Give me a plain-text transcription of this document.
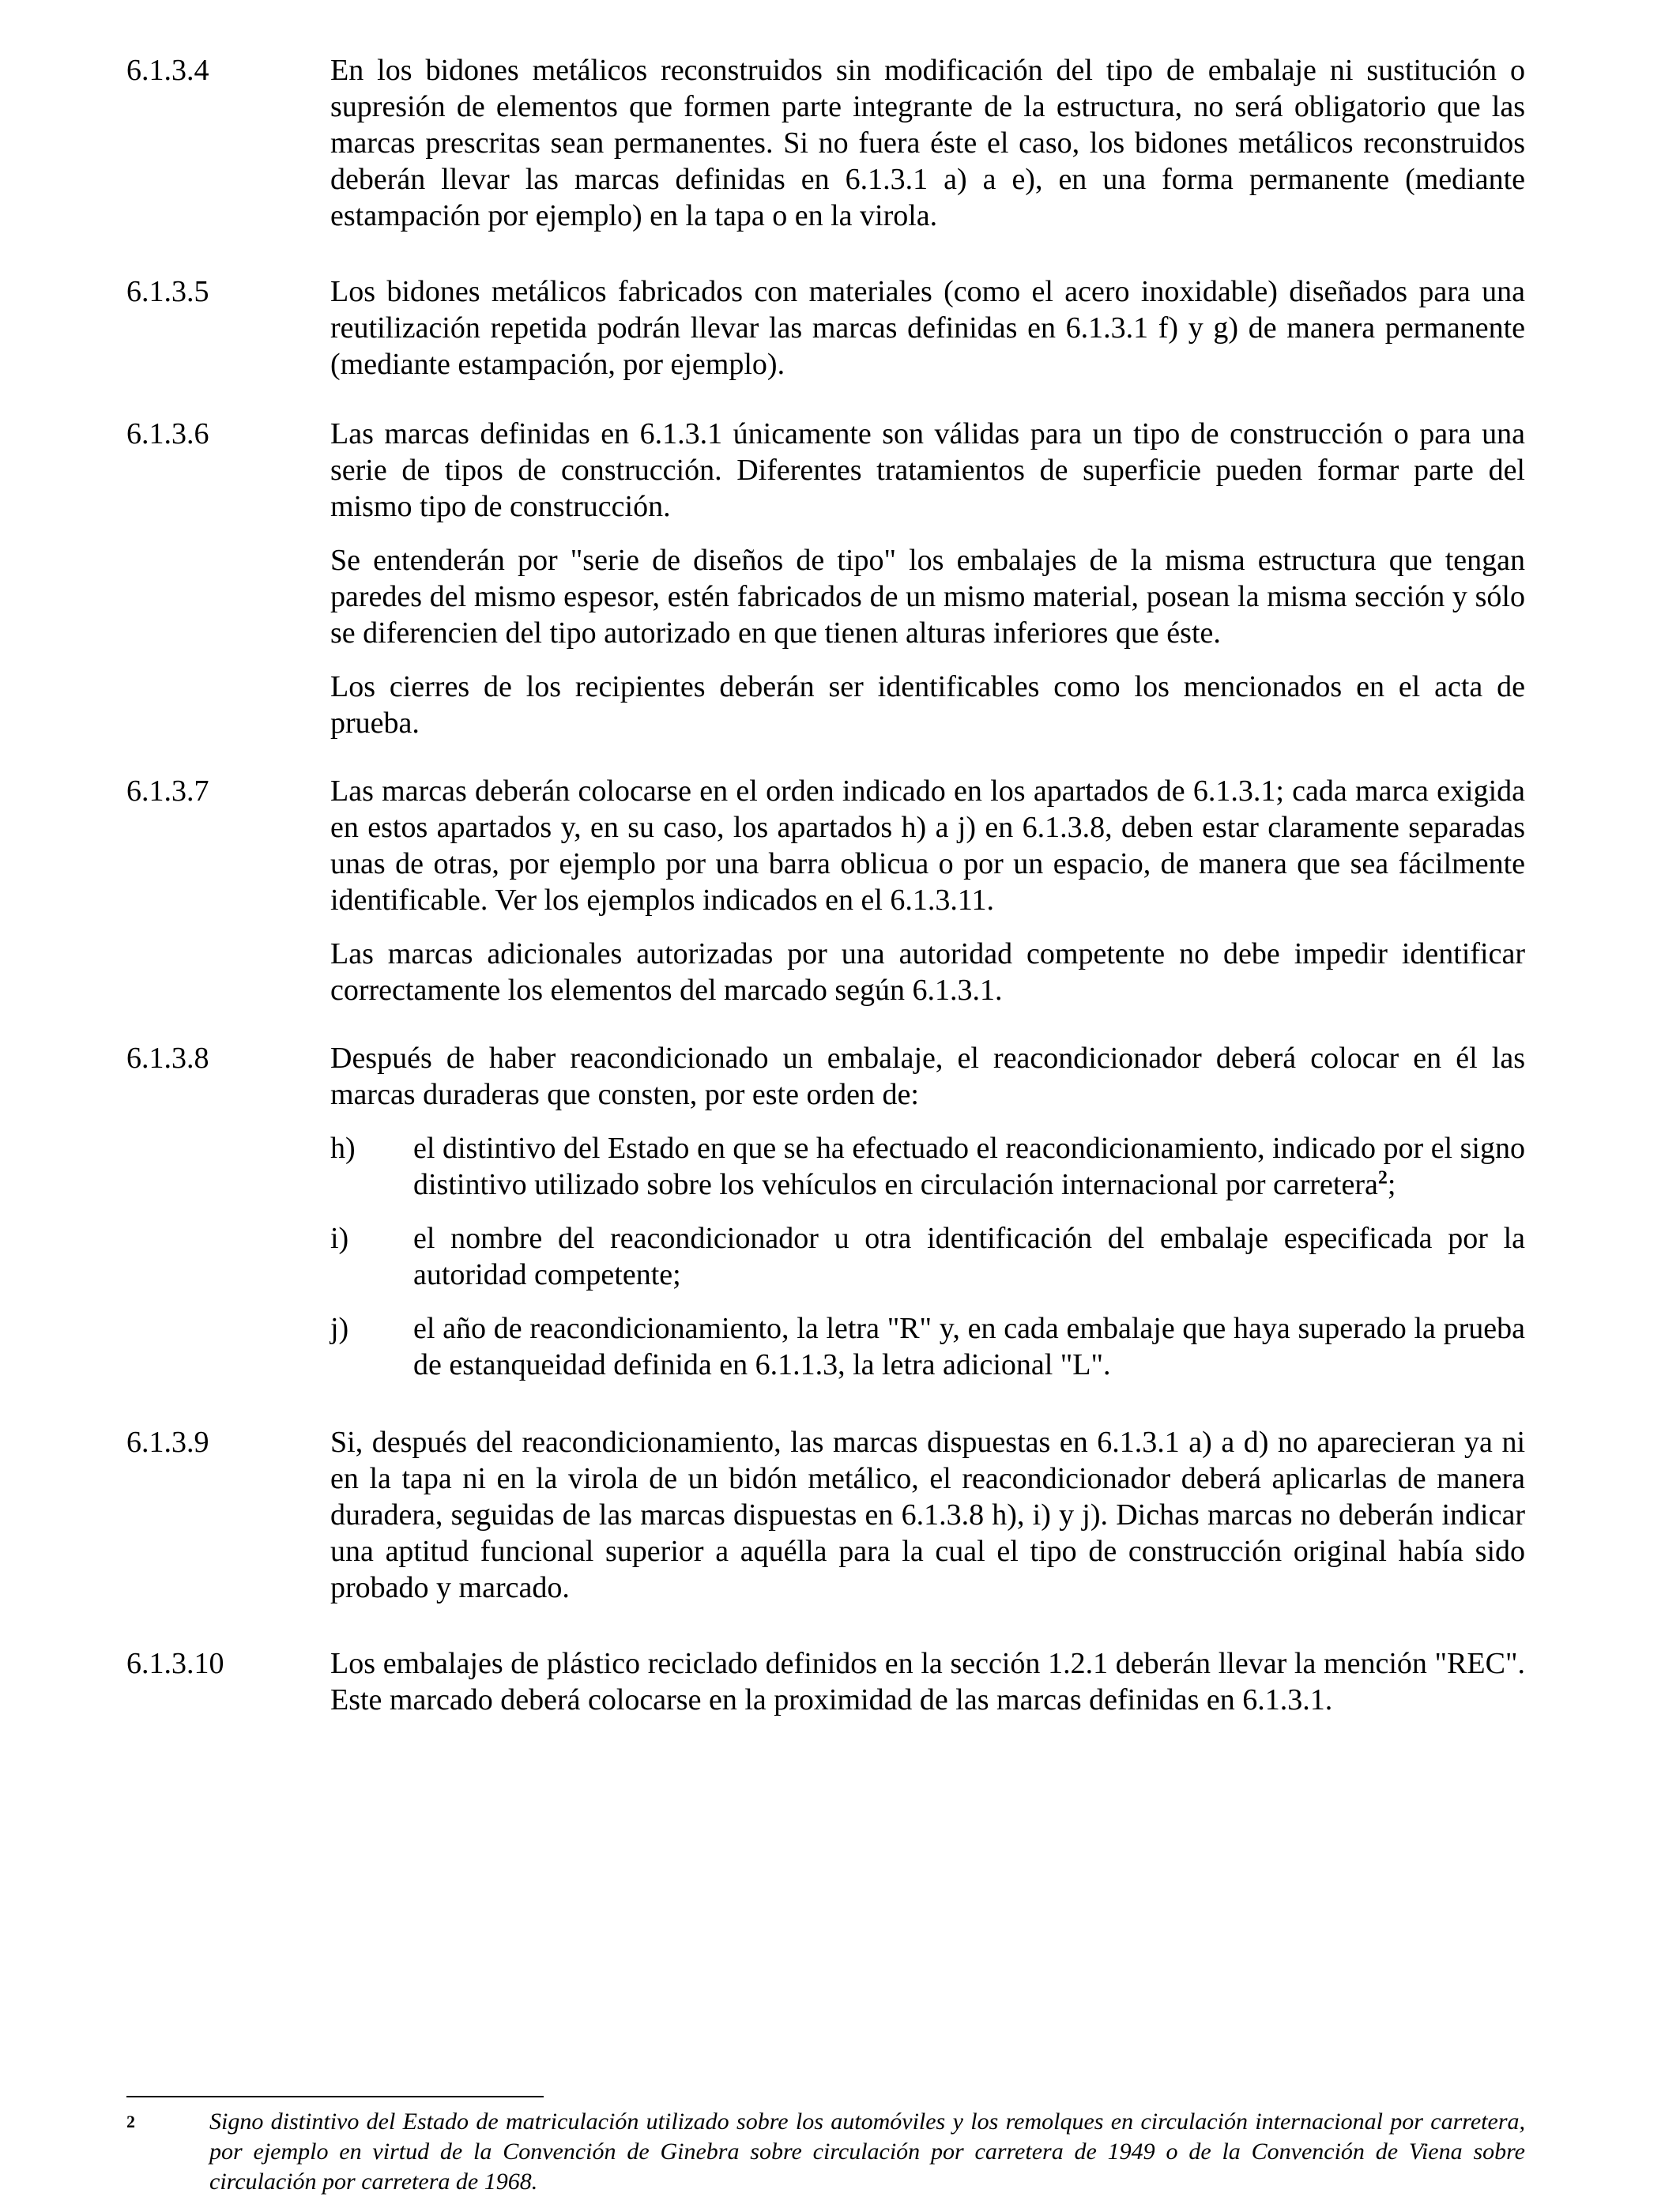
6.1.3.4	En los bidones metálicos reconstruidos sin modificación del tipo de embalaje ni sustitución o supresión de elementos que formen parte integrante de la estructura, no será obligatorio que las marcas prescritas sean permanentes. Si no fuera éste el caso, los bidones metálicos reconstruidos deberán llevar las marcas definidas en 6.1.3.1 a) a e), en una forma permanente (mediante estampación por ejemplo) en la tapa o en la virola.

6.1.3.5	Los bidones metálicos fabricados con materiales (como el acero inoxidable) diseñados para una reutilización repetida podrán llevar las marcas definidas en 6.1.3.1 f) y g) de manera permanente (mediante estampación, por ejemplo).

6.1.3.6	Las marcas definidas en 6.1.3.1 únicamente son válidas para un tipo de construcción o para una serie de tipos de construcción. Diferentes tratamientos de superficie pueden formar parte del mismo tipo de construcción.

Se entenderán por "serie de diseños de tipo" los embalajes de la misma estructura que tengan paredes del mismo espesor, estén fabricados de un mismo material, posean la misma sección y sólo se diferencien del tipo autorizado en que tienen alturas inferiores que éste.

Los cierres de los recipientes deberán ser identificables como los mencionados en el acta de prueba.

6.1.3.7	Las marcas deberán colocarse en el orden indicado en los apartados de 6.1.3.1; cada marca exigida en estos apartados y, en su caso, los apartados h) a j) en 6.1.3.8, deben estar claramente separadas unas de otras, por ejemplo por una barra oblicua o por un espacio, de manera que sea fácilmente identificable. Ver los ejemplos indicados en el 6.1.3.11.

Las marcas adicionales autorizadas por una autoridad competente no debe impedir identificar correctamente los elementos del marcado según 6.1.3.1.

6.1.3.8	Después de haber reacondicionado un embalaje, el reacondicionador deberá colocar en él las marcas duraderas que consten, por este orden de:

h)	el distintivo del Estado en que se ha efectuado el reacondicionamiento, indicado por el signo distintivo utilizado sobre los vehículos en circulación internacional por carretera$^2$;
i)	el nombre del reacondicionador u otra identificación del embalaje especificada por la autoridad competente;
j)	el año de reacondicionamiento, la letra "R" y, en cada embalaje que haya superado la prueba de estanqueidad definida en 6.1.1.3, la letra adicional "L".
6.1.3.9	Si, después del reacondicionamiento, las marcas dispuestas en 6.1.3.1 a) a d) no aparecieran ya ni en la tapa ni en la virola de un bidón metálico, el reacondicionador deberá aplicarlas de manera duradera, seguidas de las marcas dispuestas en 6.1.3.8 h), i) y j). Dichas marcas no deberán indicar una aptitud funcional superior a aquélla para la cual el tipo de construcción original había sido probado y marcado.

6.1.3.10	Los embalajes de plástico reciclado definidos en la sección 1.2.1 deberán llevar la mención "REC". Este marcado deberá colocarse en la proximidad de las marcas definidas en 6.1.3.1.

2	Signo distintivo del Estado de matriculación utilizado sobre los automóviles y los remolques en circulación internacional por carretera, por ejemplo en virtud de la Convención de Ginebra sobre circulación por carretera de 1949 o de la Convención de Viena sobre circulación por carretera de 1968.
